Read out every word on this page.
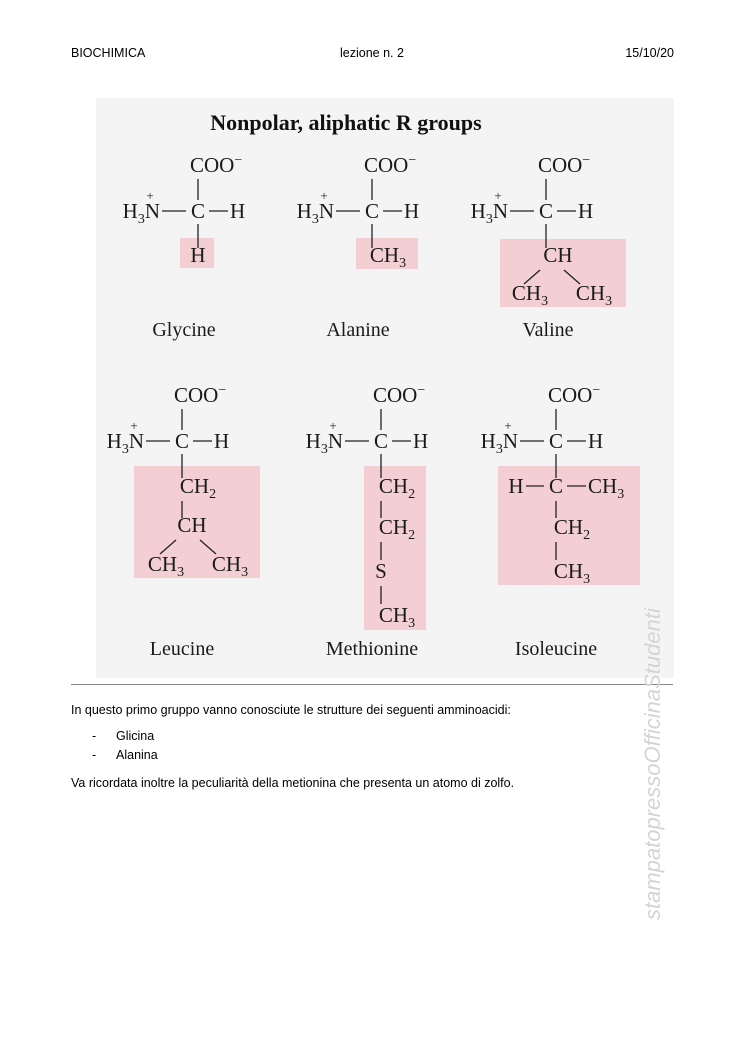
BIOCHIMICA	lezione n. 2	15/10/20
Nonpolar, aliphatic R groups
COO−
$H_3N$
+
C H
H
Glycine
COO−
$H_3N$
+
C H
$CH_3$
Alanine
COO−
$H_3N$
+
C H
CH
$CH_3$ $CH_3$
Valine
COO−
$H_3N$
+
C H
$CH_2$
CH
$CH_3$ $CH_3$
Leucine
COO−
$H_3N$
+
C H
$CH_2$
$CH_2$
S
$CH_3$
Methionine
COO−
$H_3N$
+
C H
H C $CH_3$
$CH_2$
$CH_3$
Isoleucine
In questo primo gruppo vanno conosciute le strutture dei seguenti amminoacidi:
- Glicina
- Alanina
Va ricordata inoltre la peculiarità della metionina che presenta un atomo di zolfo.	stampatopressoOfficinaStudenti
